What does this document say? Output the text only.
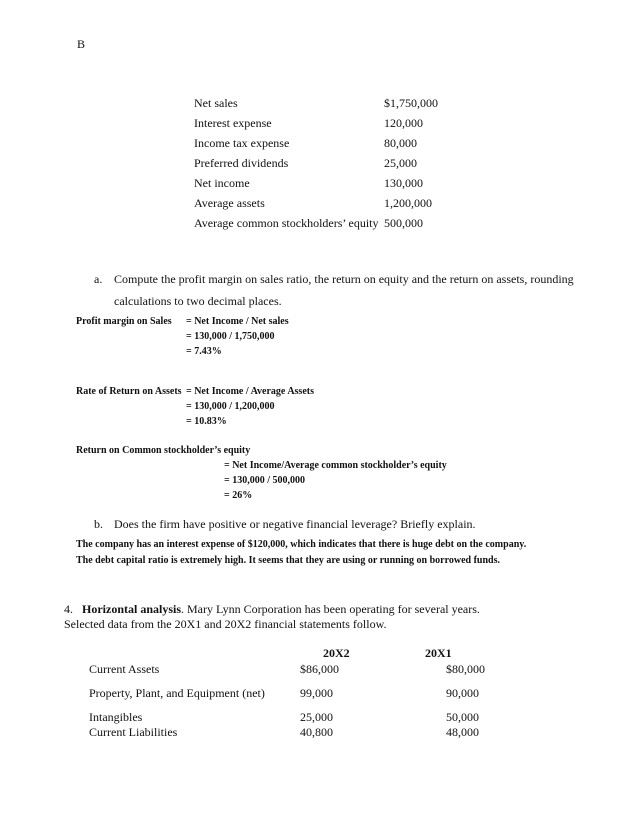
B
Net sales	$1,750,000
Interest expense	120,000
Income tax expense	80,000
Preferred dividends	25,000
Net income	130,000
Average assets	1,200,000
Average common stockholders’ equity 500,000
a. Compute the profit margin on sales ratio, the return on equity and the return on assets, rounding
calculations to two decimal places.
Profit margin on Sales = Net Income / Net sales
= 130,000 / 1,750,000
= 7.43%
Rate of Return on Assets = Net Income / Average Assets
= 130,000 / 1,200,000
= 10.83%
Return on Common stockholder’s equity
= Net Income/Average common stockholder’s equity
= 130,000 / 500,000
= 26%
b. Does the firm have positive or negative financial leverage? Briefly explain.
The company has an interest expense of $120,000, which indicates that there is huge debt on the company.
The debt capital ratio is extremely high. It seems that they are using or running on borrowed funds.
4. Horizontal analysis. Mary Lynn Corporation has been operating for several years.
Selected data from the 20X1 and 20X2 financial statements follow.
20X2	20X1
Current Assets	$86,000	$80,000
Property, Plant, and Equipment (net)	99,000	90,000
Intangibles	25,000	50,000
Current Liabilities	40,800	48,000
